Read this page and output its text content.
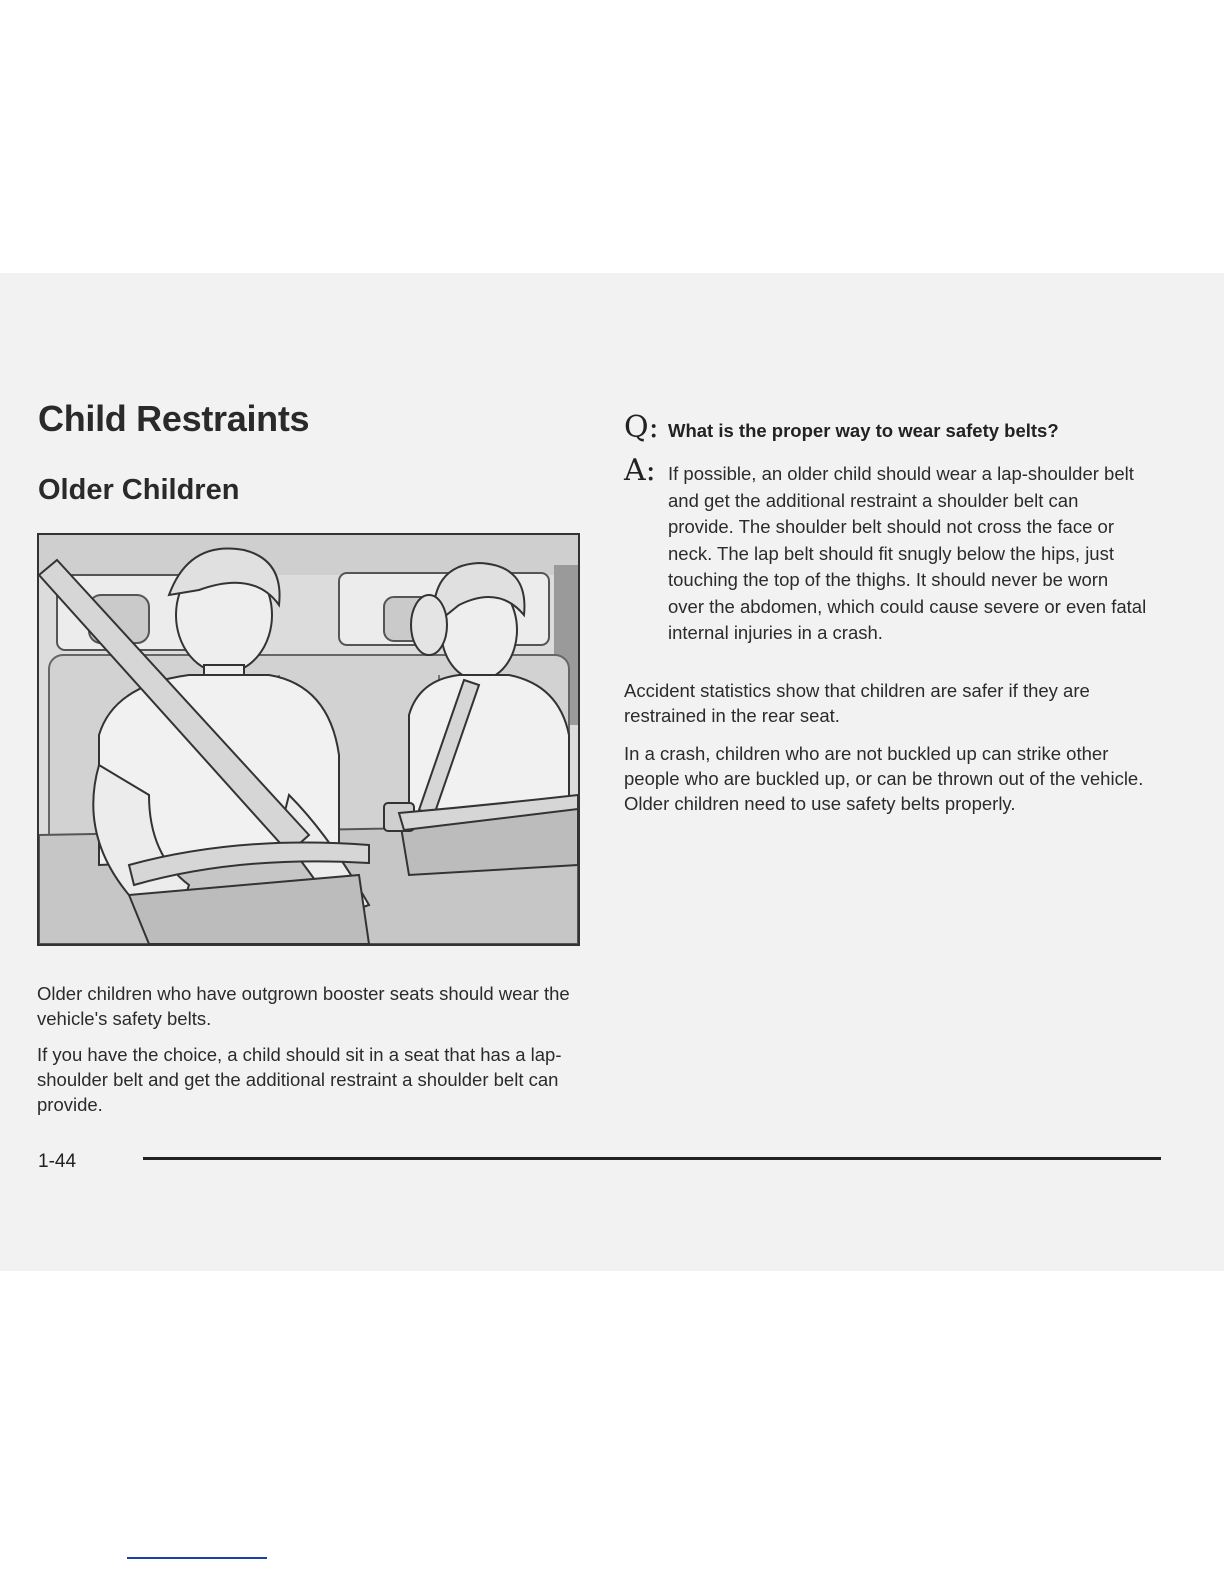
Child Restraints
Older Children

Older children who have outgrown booster seats should wear the vehicle's safety belts.

If you have the choice, a child should sit in a seat that has a lap-shoulder belt and get the additional restraint a shoulder belt can provide.

Q: What is the proper way to wear safety belts?
A: If possible, an older child should wear a lap-shoulder belt and get the additional restraint a shoulder belt can provide. The shoulder belt should not cross the face or neck. The lap belt should fit snugly below the hips, just touching the top of the thighs. It should never be worn over the abdomen, which could cause severe or even fatal internal injuries in a crash.

Accident statistics show that children are safer if they are restrained in the rear seat.

In a crash, children who are not buckled up can strike other people who are buckled up, or can be thrown out of the vehicle. Older children need to use safety belts properly.

1-44
